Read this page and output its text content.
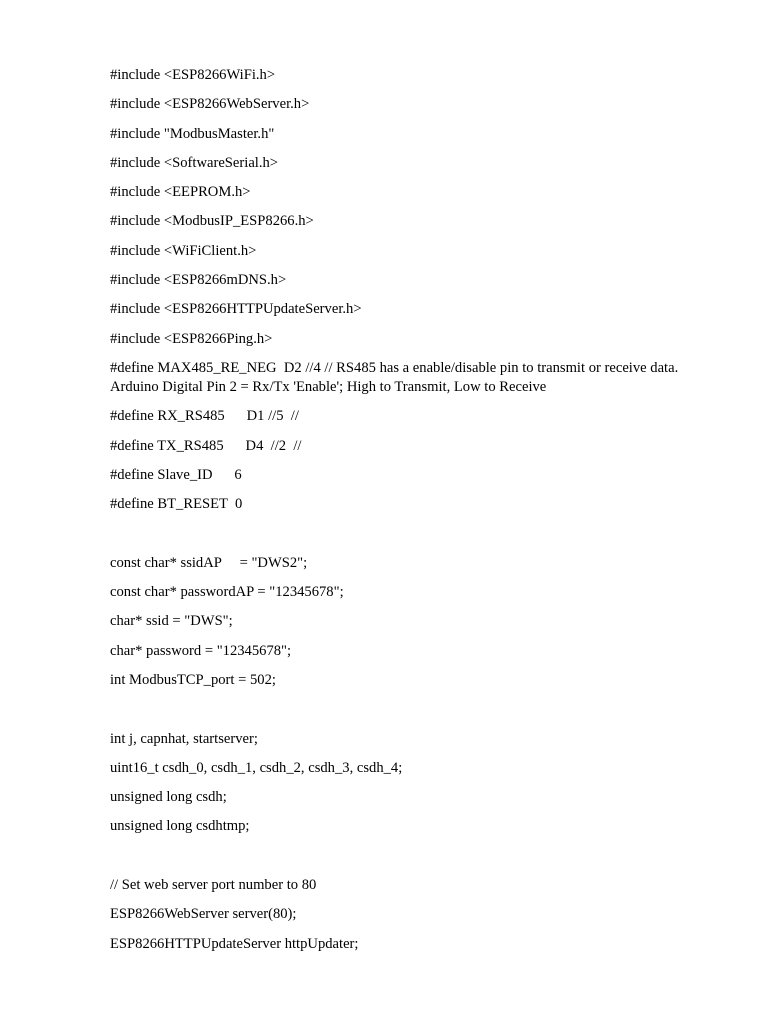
#include <ESP8266WiFi.h>
#include <ESP8266WebServer.h>
#include "ModbusMaster.h"
#include <SoftwareSerial.h>
#include <EEPROM.h>
#include <ModbusIP_ESP8266.h>
#include <WiFiClient.h>
#include <ESP8266mDNS.h>
#include <ESP8266HTTPUpdateServer.h>
#include <ESP8266Ping.h>
#define MAX485_RE_NEG  D2 //4 // RS485 has a enable/disable pin to transmit or receive data. Arduino Digital Pin 2 = Rx/Tx 'Enable'; High to Transmit, Low to Receive
#define RX_RS485      D1 //5  //
#define TX_RS485      D4  //2  //
#define Slave_ID      6
#define BT_RESET  0
const char* ssidAP     = "DWS2";
const char* passwordAP = "12345678";
char* ssid = "DWS";
char* password = "12345678";
int ModbusTCP_port = 502;
int j, capnhat, startserver;
uint16_t csdh_0, csdh_1, csdh_2, csdh_3, csdh_4;
unsigned long csdh;
unsigned long csdhtmp;
// Set web server port number to 80
ESP8266WebServer server(80);
ESP8266HTTPUpdateServer httpUpdater;
